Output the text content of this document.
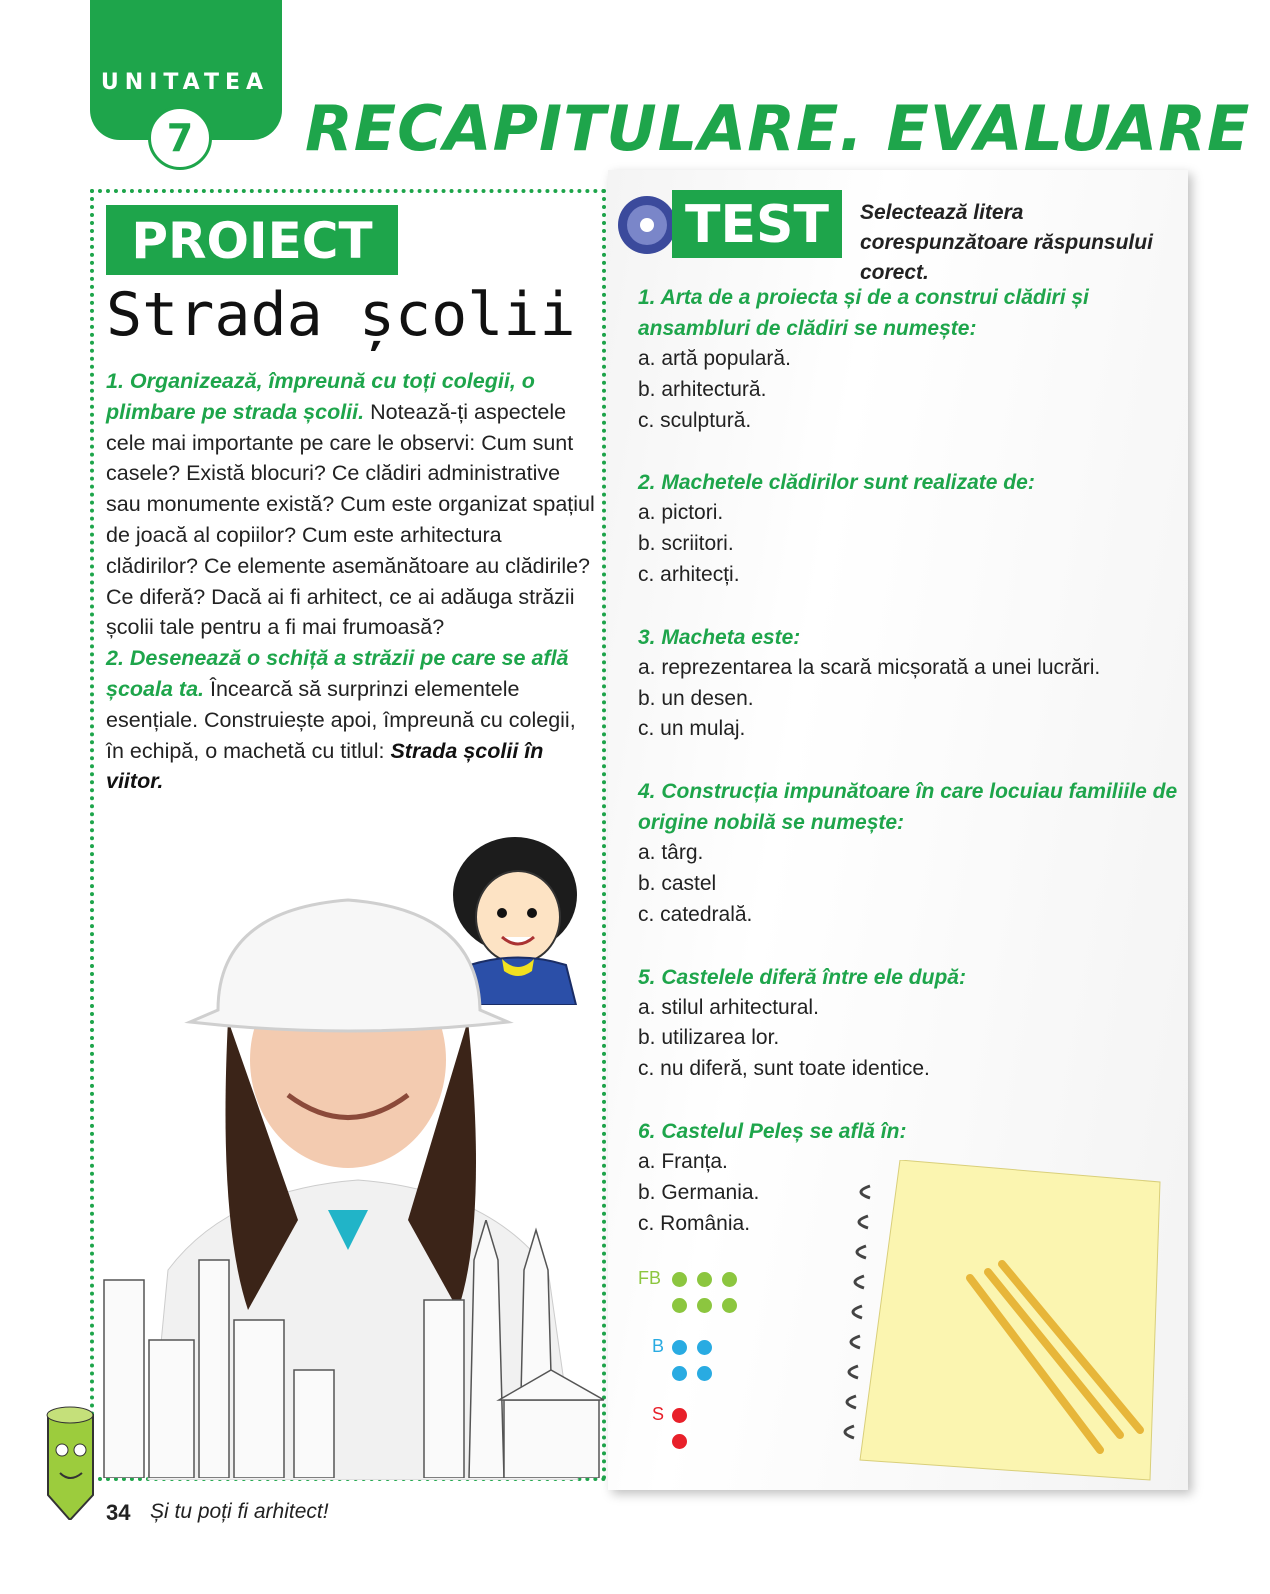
UNITATEA
7	RECAPITULARE. EVALUARE
PROIECT
Strada școlii
1. Organizează, împreună cu toți colegii, o plimbare pe strada școlii. Notează-ți aspectele cele mai importante pe care le observi: Cum sunt casele? Există blocuri? Ce clădiri administrative sau monumente există? Cum este organizat spațiul de joacă al copiilor? Cum este arhitectura clădirilor? Ce elemente asemănătoare au clădirile? Ce diferă? Dacă ai fi arhitect, ce ai adăuga străzii școlii tale pentru a fi mai frumoasă?
2. Desenează o schiță a străzii pe care se află școala ta. Încearcă să surprinzi elementele esențiale. Construiește apoi, împreună cu colegii, în echipă, o machetă cu titlul: Strada școlii în viitor.
TEST	Selectează litera corespunzătoare răspunsului corect.
1. Arta de a proiecta și de a construi clădiri și ansambluri de clădiri se numește:
a. artă populară.
b. arhitectură.
c. sculptură.
2. Machetele clădirilor sunt realizate de:
a. pictori.
b. scriitori.
c. arhitecți.
3. Macheta este:
a. reprezentarea la scară micșorată a unei lucrări.
b. un desen.
c. un mulaj.
4. Construcția impunătoare în care locuiau familiile de origine nobilă se numește:
a. târg.
b. castel
c. catedrală.
5. Castelele diferă între ele după:
a. stilul arhitectural.
b. utilizarea lor.
c. nu diferă, sunt toate identice.
6. Castelul Peleș se află în:
a. Franța.
b. Germania.
c. România.
FB
B
S
34 Și tu poți fi arhitect!
